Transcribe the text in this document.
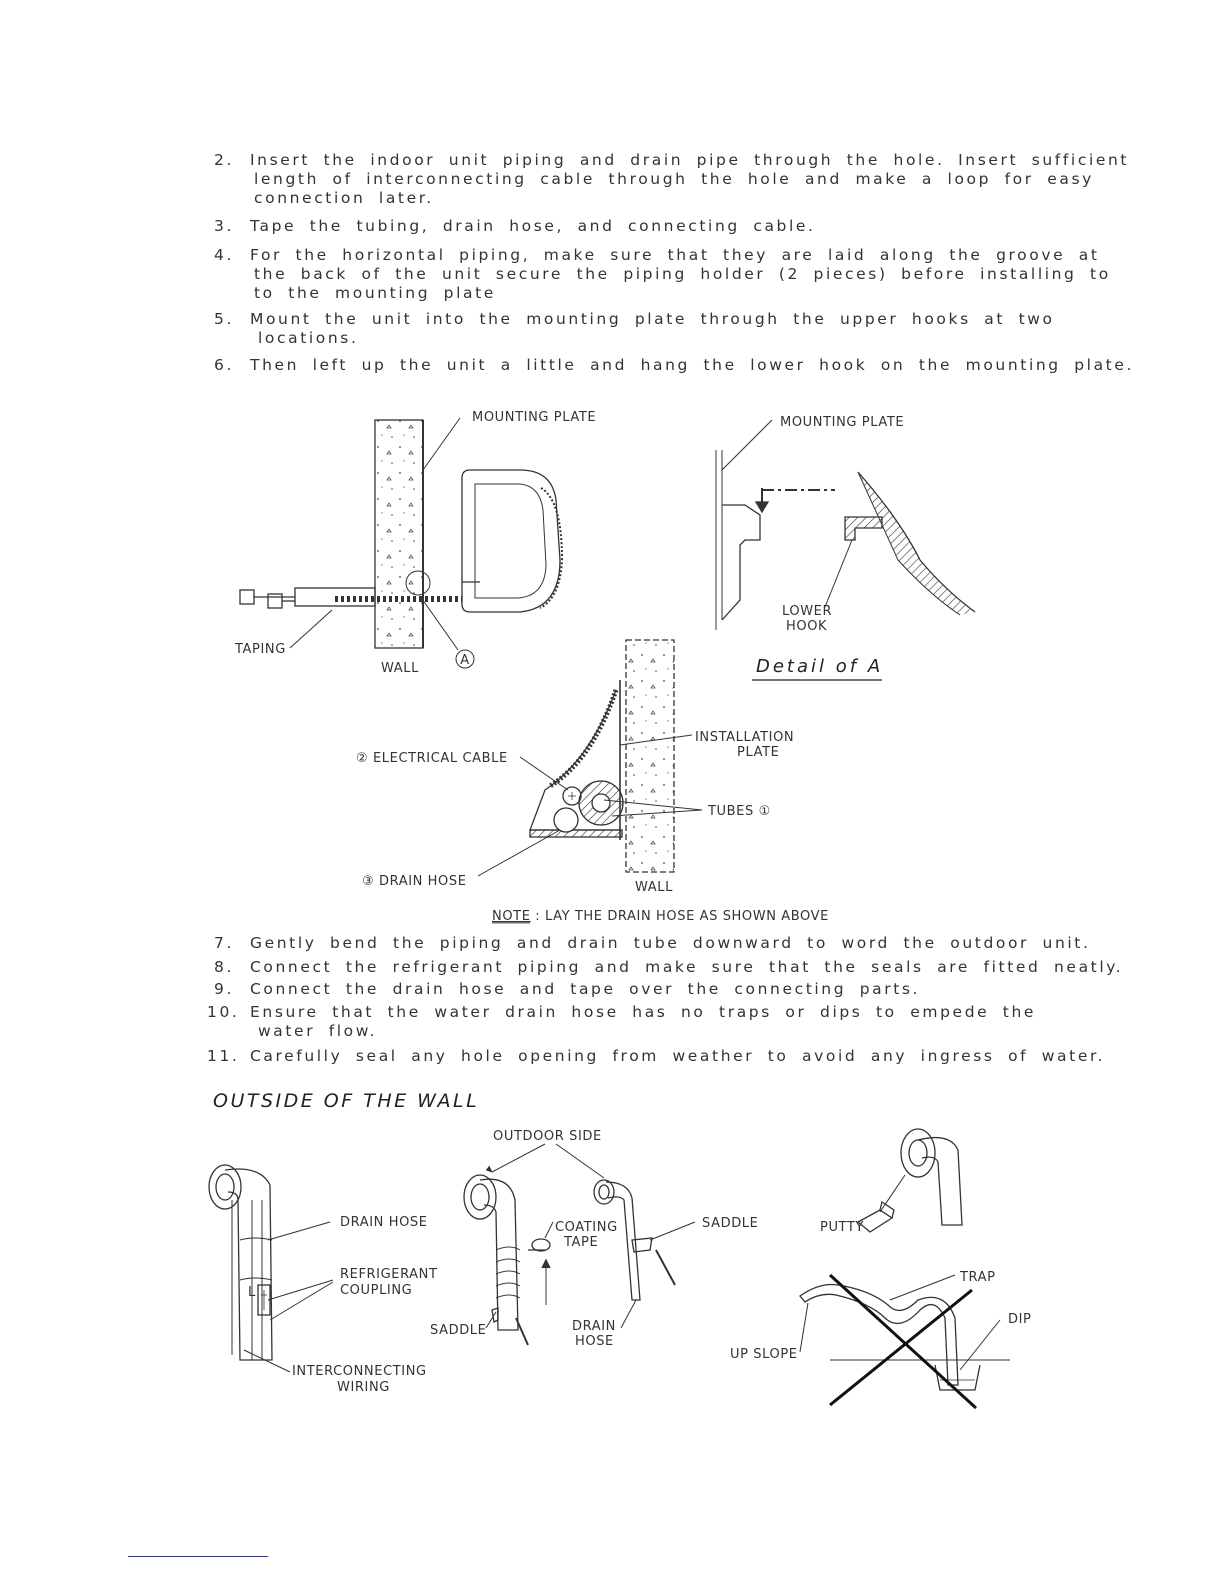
2. Insert the indoor unit piping and drain pipe through the hole. Insert sufficient
length of interconnecting cable through the hole and make a loop for easy
connection later.
3. Tape the tubing, drain hose, and connecting cable.
4. For the horizontal piping, make sure that they are laid along the groove at
the back of the unit secure the piping holder (2 pieces) before installing to
to the mounting plate
5. Mount the unit into the mounting plate through the upper hooks at two
locations.
6. Then left up the unit a little and hang the lower hook on the mounting plate.
7. Gently bend the piping and drain tube downward to word the outdoor unit.
8. Connect the refrigerant piping and make sure that the seals are fitted neatly.
9. Connect the drain hose and tape over the connecting parts.
10. Ensure that the water drain hose has no traps or dips to empede the
water flow.
11. Carefully seal any hole opening from weather to avoid any ingress of water.
OUTSIDE OF THE WALL
MOUNTING PLATE
TAPING
WALL
A
MOUNTING PLATE
LOWER
HOOK
Detail of A
② ELECTRICAL CABLE
INSTALLATION
PLATE
TUBES ①
③ DRAIN HOSE	WALL
NOTE : LAY THE DRAIN HOSE AS SHOWN ABOVE
L
DRAIN HOSE
REFRIGERANT
COUPLING
INTERCONNECTING
WIRING
OUTDOOR SIDE
COATING
TAPE
SADDLE
SADDLE	DRAIN
HOSE
PUTTY
TRAP
DIP
UP SLOPE
